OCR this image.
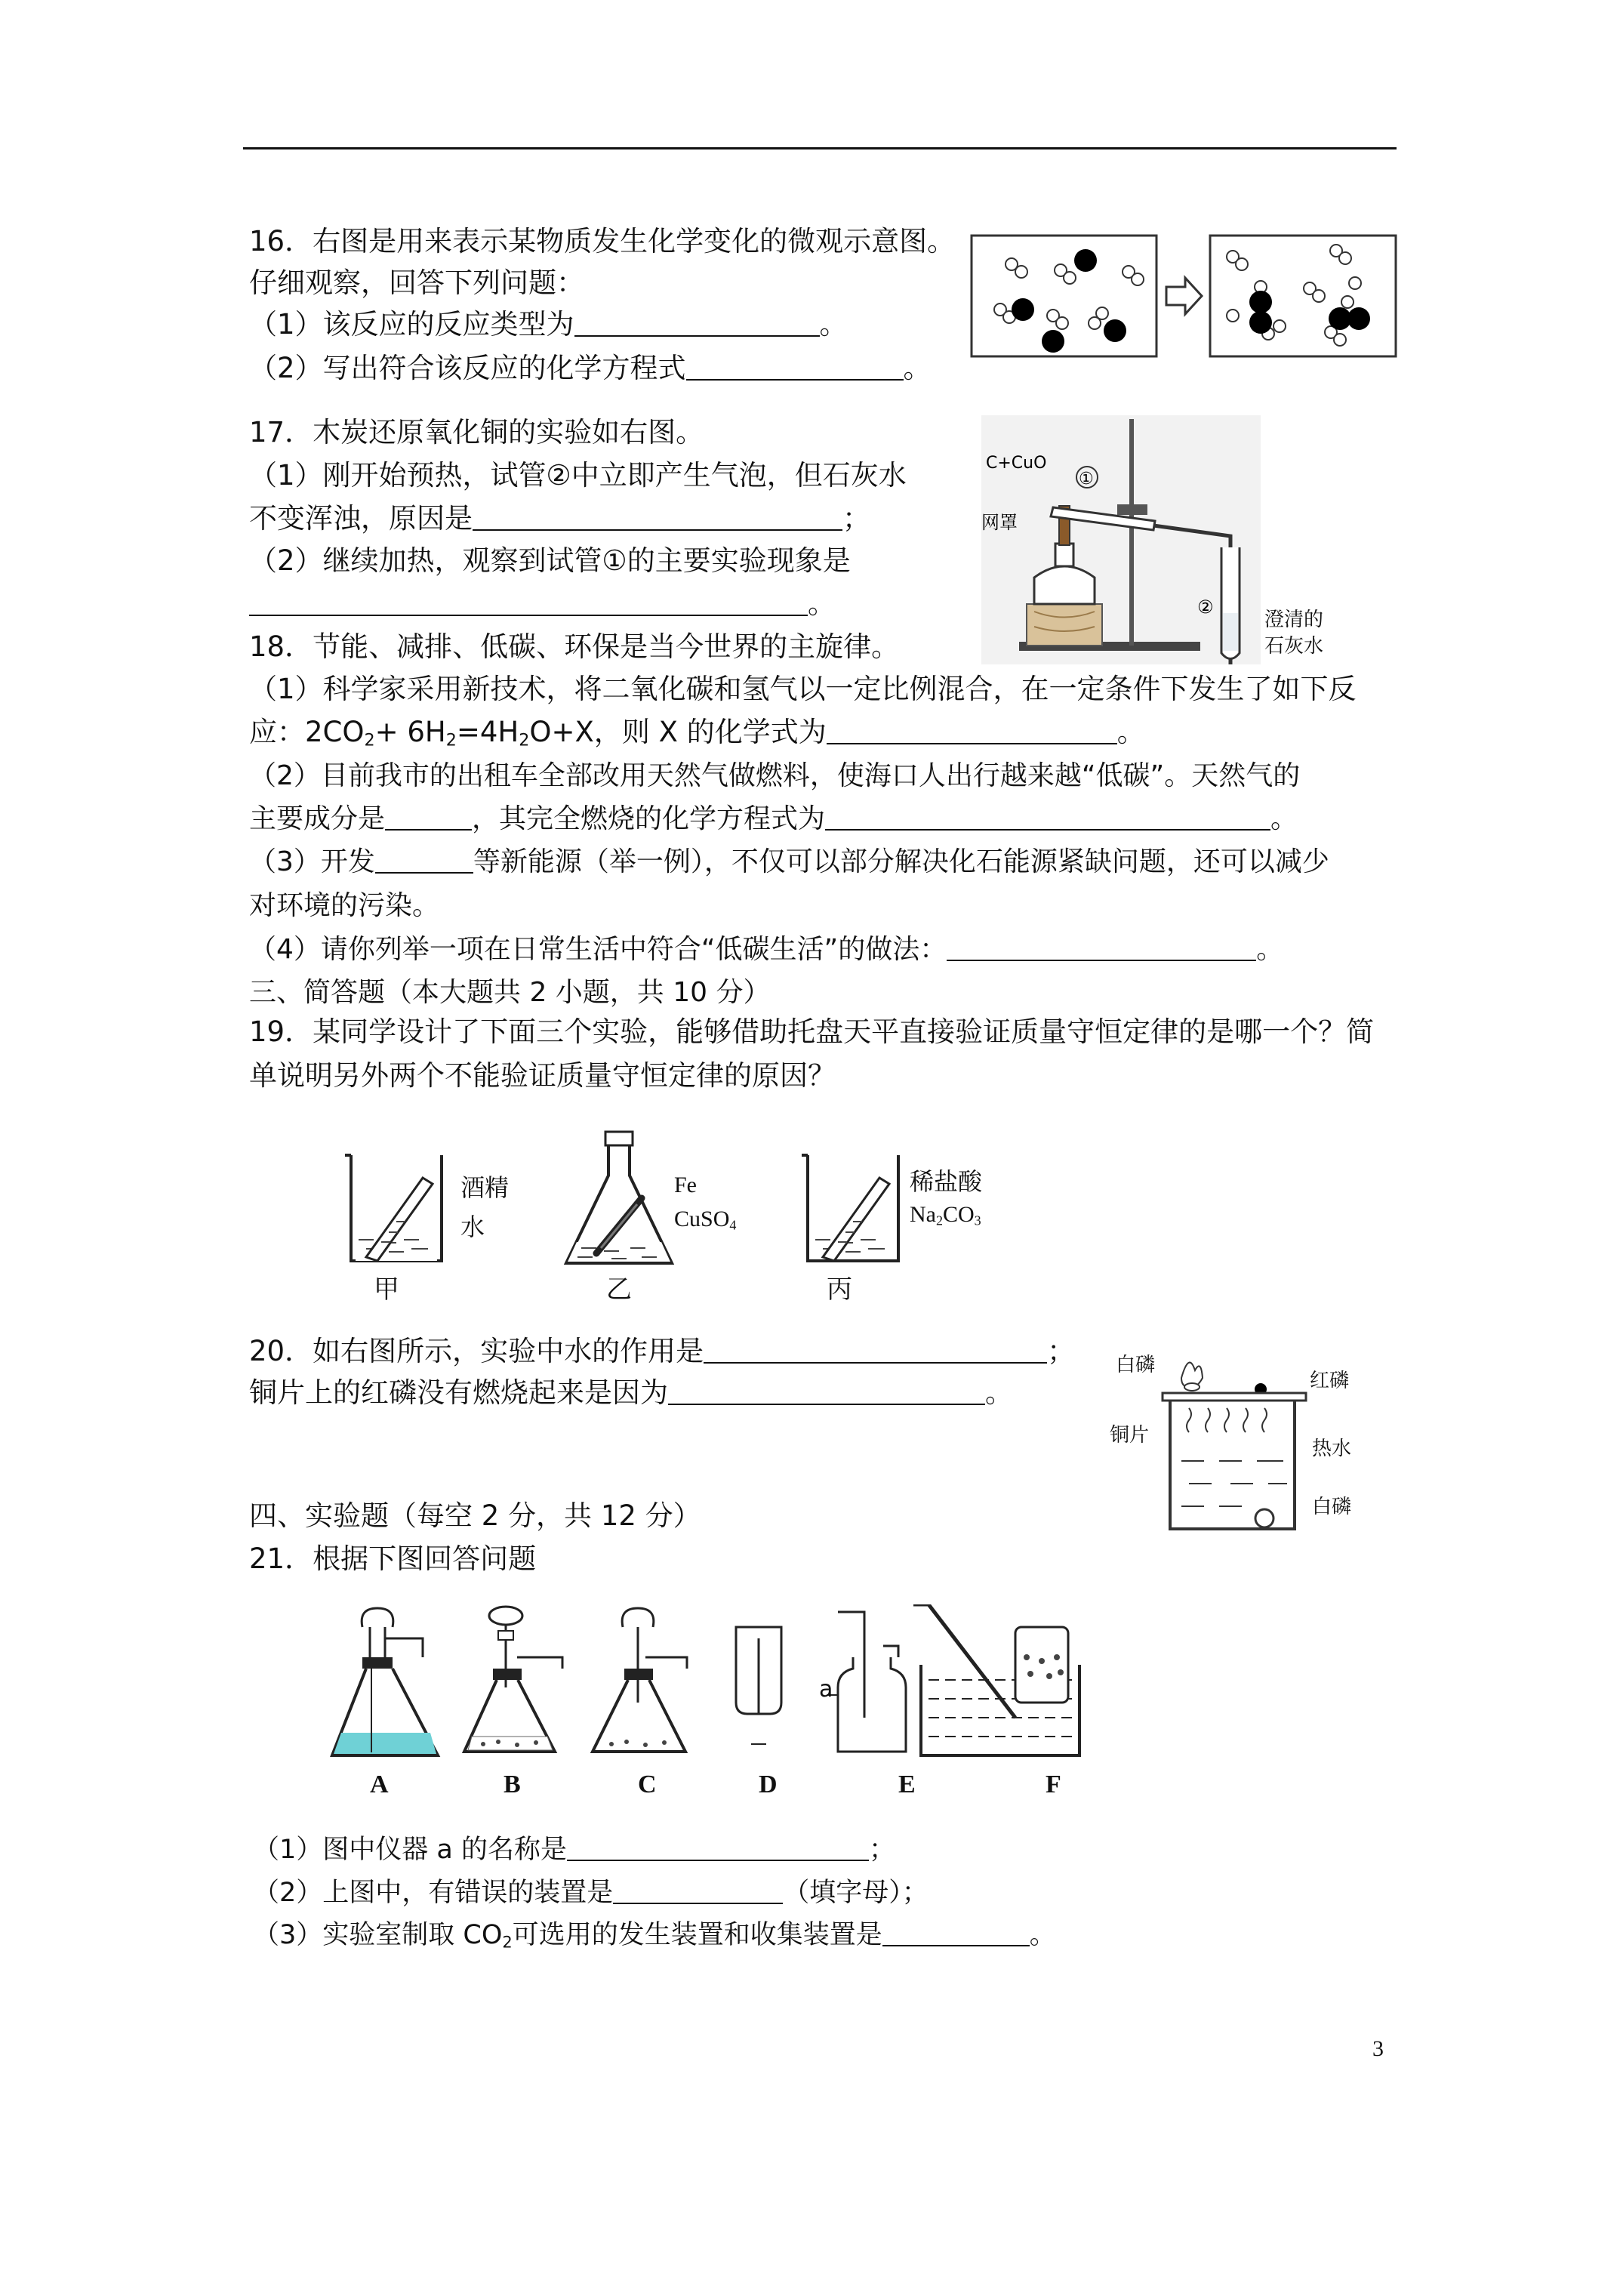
16．右图是用来表示某物质发生化学变化的微观示意图。
仔细观察，回答下列问题：
（1）该反应的反应类型为	。
（2）写出符合该反应的化学方程式	。
17．木炭还原氧化铜的实验如右图。
（1）刚开始预热，试管②中立即产生气泡，但石灰水
不变浑浊，原因是	；
（2）继续加热，观察到试管①的主要实验现象是
。
C+CuO
①
网罩
②
澄清的
石灰水
18．节能、减排、低碳、环保是当今世界的主旋律。
（1）科学家采用新技术，将二氧化碳和氢气以一定比例混合，在一定条件下发生了如下反
应：$2CO_2+ 6H_2=4H_2O+X$，则 X 的化学式为	。
（2）目前我市的出租车全部改用天然气做燃料，使海口人出行越来越“低碳”。天然气的
主要成分是	，其完全燃烧的化学方程式为	。
（3）开发	等新能源（举一例），不仅可以部分解决化石能源紧缺问题，还可以减少
对环境的污染。
（4）请你列举一项在日常生活中符合“低碳生活”的做法：	。
三、简答题（本大题共 2 小题，共 10 分）
19．某同学设计了下面三个实验，能够借助托盘天平直接验证质量守恒定律的是哪一个？简
单说明另外两个不能验证质量守恒定律的原因？
酒精
水
甲
Fe
CuSO$_4$
乙
稀盐酸
$Na_2CO_3$
丙
20．如右图所示，实验中水的作用是	；
铜片上的红磷没有燃烧起来是因为	。
白磷
红磷
铜片
热水
白磷
四、实验题（每空 2 分，共 12 分）
21．根据下图回答问题
a
A	B	C	D	E	F
（1）图中仪器 a 的名称是	；
（2）上图中，有错误的装置是	（填字母）；
（3）实验室制取 $CO_2$可选用的发生装置和收集装置是	。
3
